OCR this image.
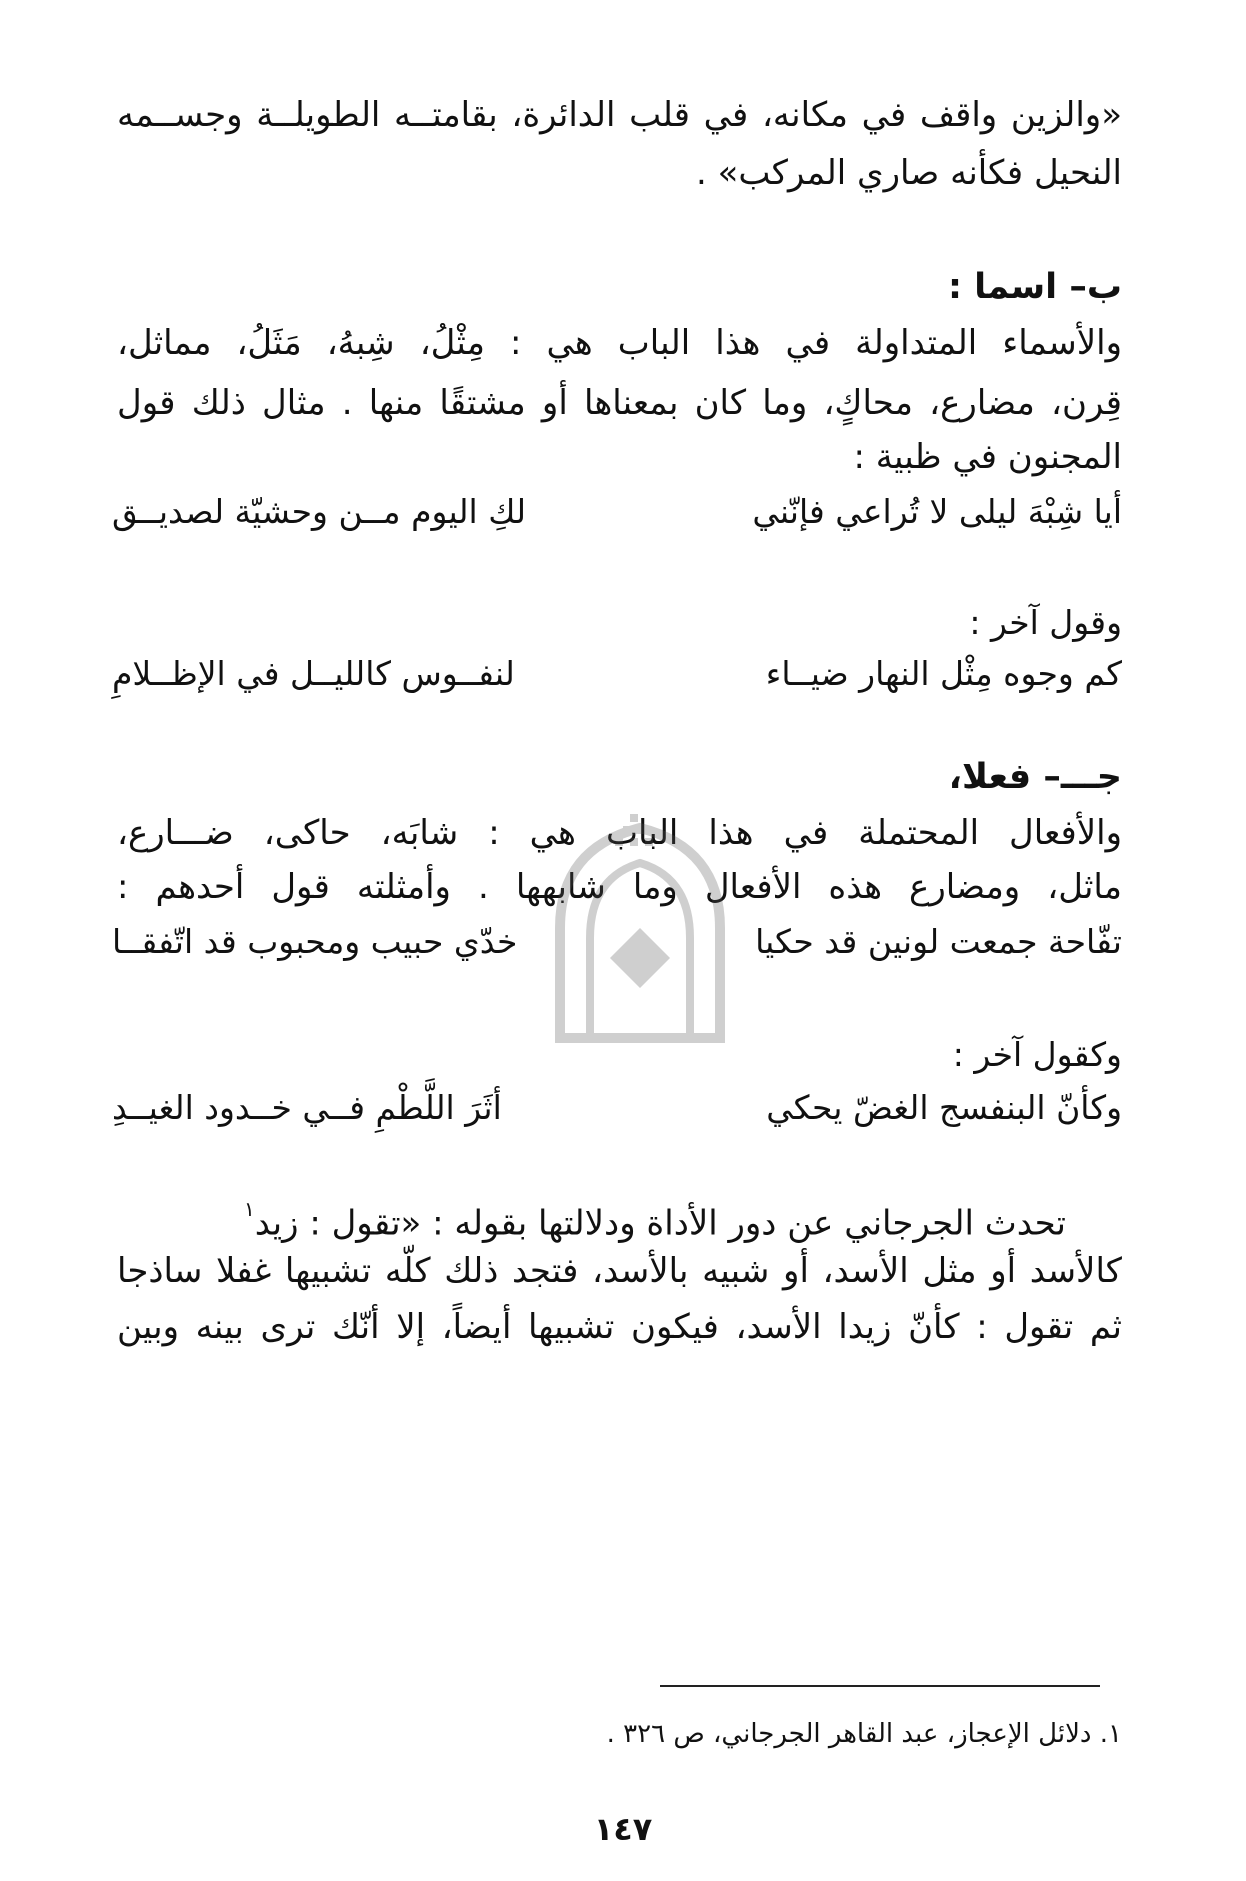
«والزين واقف في مكانه، في قلب الدائرة، بقامتــه الطويلــة وجســمه
النحيل فكأنه صاري المركب» .
ب– اسما :
والأسماء المتداولة في هذا الباب هي : مِثْلُ، شِبهُ، مَثَلُ، مماثل،
قِرن، مضارع، محاكٍ، وما كان بمعناها أو مشتقًا منها . مثال ذلك قول
المجنون في ظبية :
أيا شِبْهَ ليلى لا تُراعي فإنّني
لكِ اليوم مــن وحشيّة لصديــق
وقول آخر :
كم وجوه مِثْل النهار ضيــاء
لنفــوس كالليــل في الإظــلامِ
جـــ– فعلا،
والأفعال المحتملة في هذا الباب هي : شابَه، حاكى، ضـــارع،
ماثل، ومضارع هذه الأفعال وما شابهها . وأمثلته قول أحدهم :
تفّاحة جمعت لونين قد حكيا
خدّي حبيب ومحبوب قد اتّفقــا
وكقول آخر :
وكأنّ البنفسج الغضّ يحكي
أثَرَ اللَّطْمِ فــي خــدود الغيــدِ
تحدث الجرجاني عن دور الأداة ودلالتها بقوله : «تقول : زيد$^١$
كالأسد أو مثل الأسد، أو شبيه بالأسد، فتجد ذلك كلّه تشبيها غفلا ساذجا
ثم تقول : كأنّ زيدا الأسد، فيكون تشبيها أيضاً، إلا أنّك ترى بينه وبين
١. دلائل الإعجاز، عبد القاهر الجرجاني، ص ٣٢٦ .
١٤٧
